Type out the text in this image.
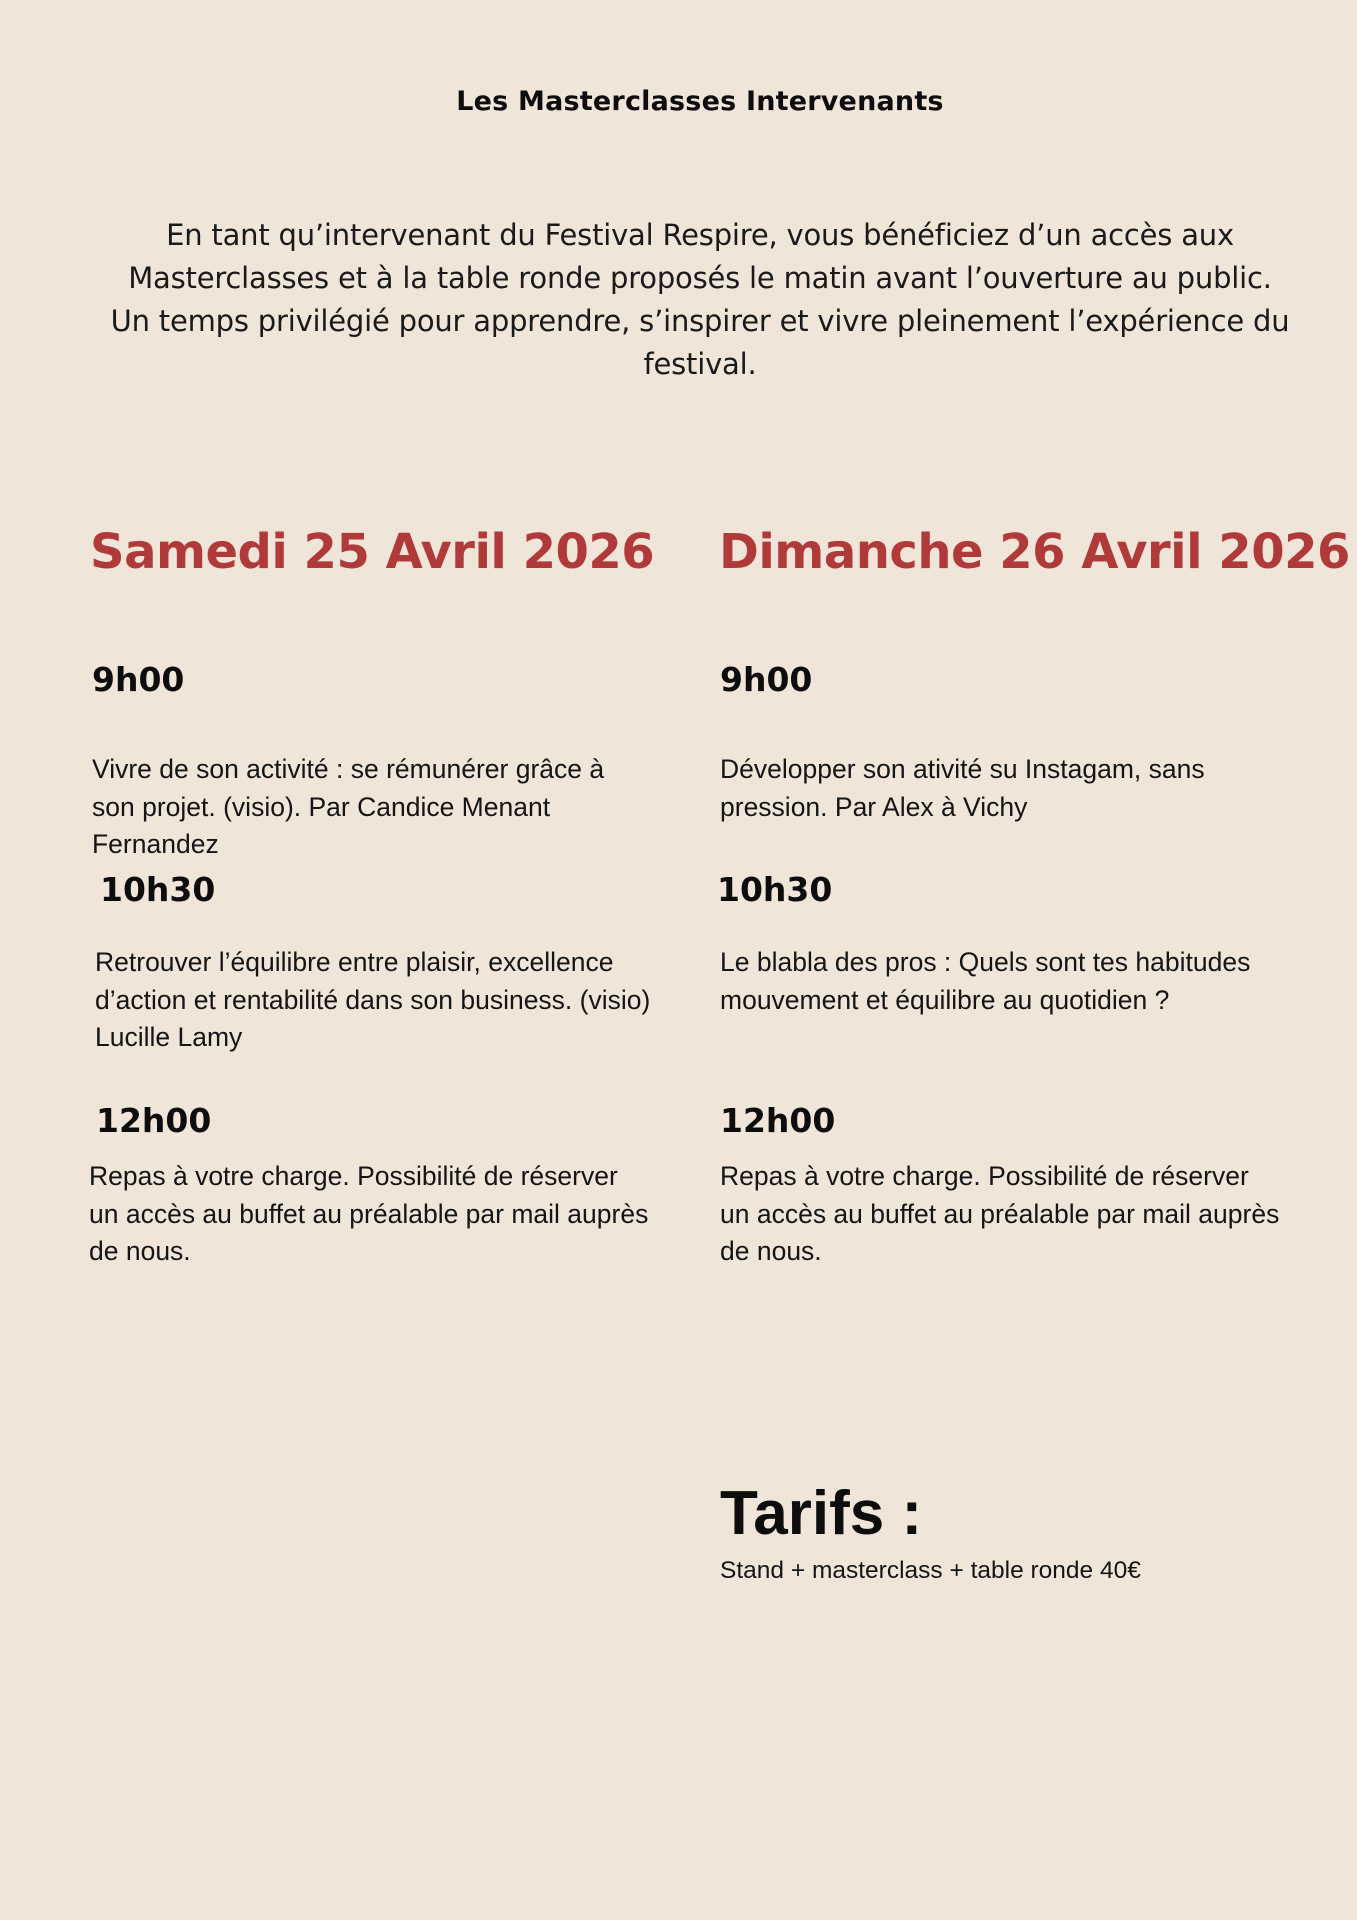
Les Masterclasses Intervenants

En tant qu’intervenant du Festival Respire, vous bénéficiez d’un accès aux Masterclasses et à la table ronde proposés le matin avant l’ouverture au public.

Un temps privilégié pour apprendre, s’inspirer et vivre pleinement l’expérience du festival.

Samedi 25 Avril 2026
9h00
Vivre de son activité : se rémunérer grâce à son projet. (visio). Par Candice Menant Fernandez
10h30
Retrouver l’équilibre entre plaisir, excellence d’action et rentabilité dans son business. (visio) Lucille Lamy
12h00
Repas à votre charge. Possibilité de réserver un accès au buffet au préalable par mail auprès de nous.
Dimanche 26 Avril 2026
9h00
Développer son ativité su Instagam, sans pression. Par Alex à Vichy
10h30
Le blabla des pros : Quels sont tes habitudes mouvement et équilibre au quotidien ?
12h00
Repas à votre charge. Possibilité de réserver un accès au buffet au préalable par mail auprès de nous.
Tarifs :
Stand + masterclass + table ronde 40€
